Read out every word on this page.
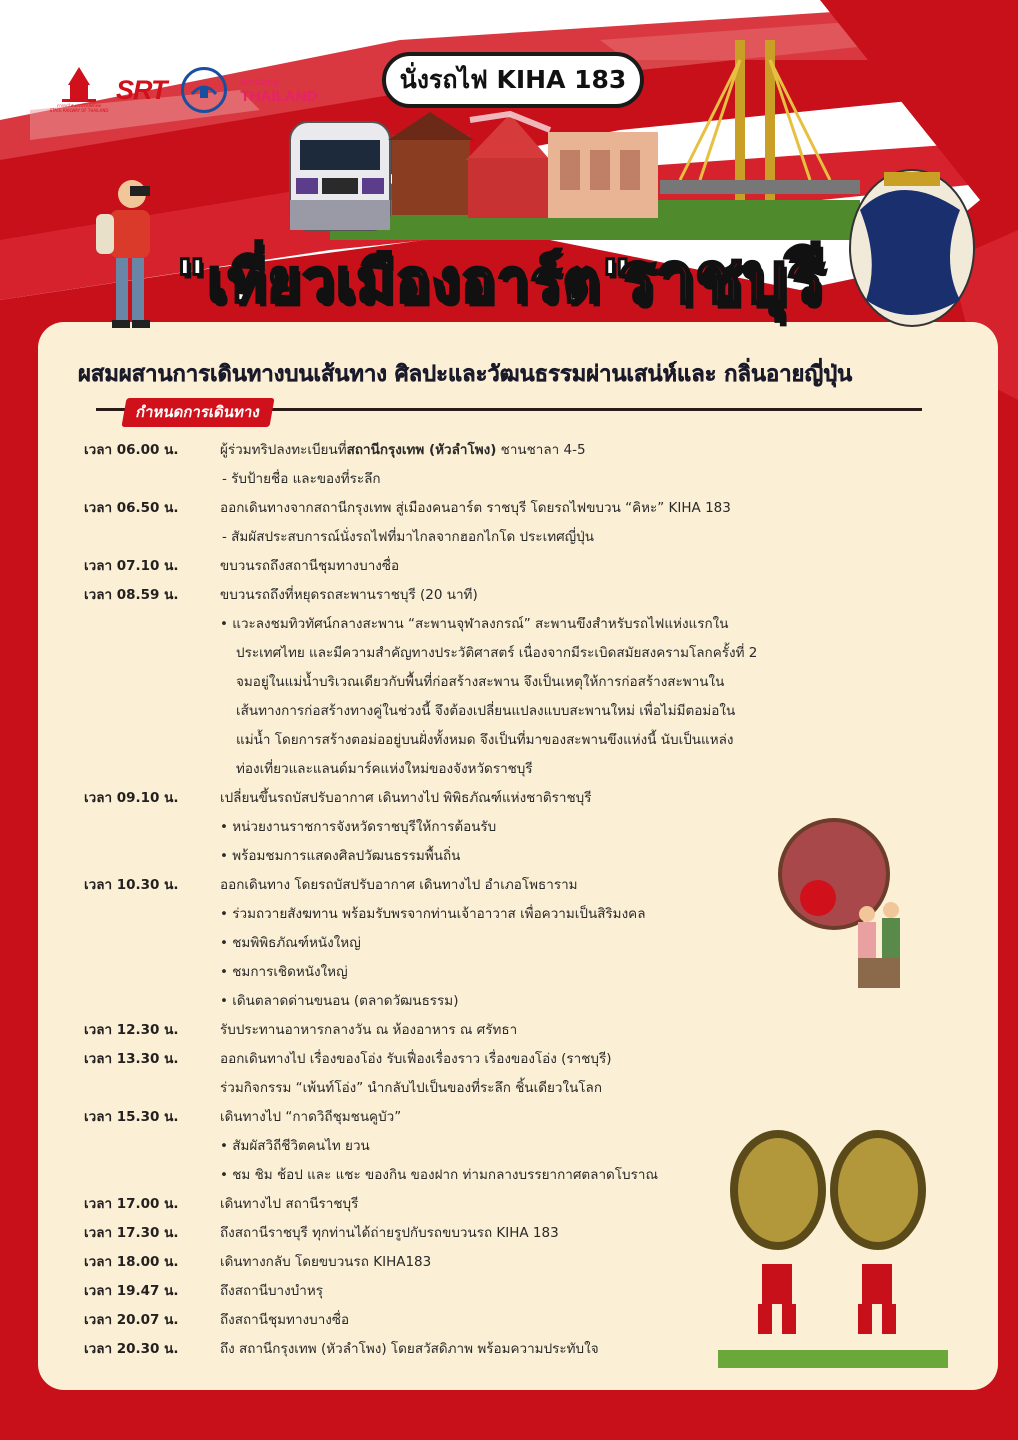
การรถไฟแห่งประเทศไทย
STATE RAILWAY OF THAILAND
SRT	amazing
THAILAND
นั่งรถไฟ KIHA 183
"เที่ยวเมืองอาร์ต"
ราชบุรี
ผสมผสานการเดินทางบนเส้นทาง ศิลปะและวัฒนธรรมผ่านเสน่ห์และ กลิ่นอายญี่ปุ่น
กำหนดการเดินทาง
เวลา 06.00 น.	ผู้ร่วมทริปลงทะเบียนที่สถานีกรุงเทพ (หัวลำโพง) ชานชาลา 4-5
- รับป้ายชื่อ และของที่ระลึก
เวลา 06.50 น.	ออกเดินทางจากสถานีกรุงเทพ สู่เมืองคนอาร์ต ราชบุรี โดยรถไฟขบวน “คิหะ” KIHA 183
- สัมผัสประสบการณ์นั่งรถไฟที่มาไกลจากฮอกไกโด ประเทศญี่ปุ่น
เวลา 07.10 น.	ขบวนรถถึงสถานีชุมทางบางซื่อ
เวลา 08.59 น.	ขบวนรถถึงที่หยุดรถสะพานราชบุรี (20 นาที)
• แวะลงชมทิวทัศน์กลางสะพาน “สะพานจุฬาลงกรณ์” สะพานขึงสำหรับรถไฟแห่งแรกใน
ประเทศไทย และมีความสำคัญทางประวัติศาสตร์ เนื่องจากมีระเบิดสมัยสงครามโลกครั้งที่ 2
จมอยู่ในแม่น้ำบริเวณเดียวกับพื้นที่ก่อสร้างสะพาน จึงเป็นเหตุให้การก่อสร้างสะพานใน
เส้นทางการก่อสร้างทางคู่ในช่วงนี้ จึงต้องเปลี่ยนแปลงแบบสะพานใหม่ เพื่อไม่มีตอม่อใน
แม่น้ำ โดยการสร้างตอม่ออยู่บนฝั่งทั้งหมด จึงเป็นที่มาของสะพานขึงแห่งนี้ นับเป็นแหล่ง
ท่องเที่ยวและแลนด์มาร์คแห่งใหม่ของจังหวัดราชบุรี
เวลา 09.10 น.	เปลี่ยนขึ้นรถบัสปรับอากาศ เดินทางไป พิพิธภัณฑ์แห่งชาติราชบุรี
• หน่วยงานราชการจังหวัดราชบุรีให้การต้อนรับ
• พร้อมชมการแสดงศิลปวัฒนธรรมพื้นถิ่น
เวลา 10.30 น.	ออกเดินทาง โดยรถบัสปรับอากาศ เดินทางไป อำเภอโพธาราม
• ร่วมถวายสังฆทาน พร้อมรับพรจากท่านเจ้าอาวาส เพื่อความเป็นสิริมงคล
• ชมพิพิธภัณฑ์หนังใหญ่
• ชมการเชิดหนังใหญ่
• เดินตลาดด่านขนอน (ตลาดวัฒนธรรม)
เวลา 12.30 น.	รับประทานอาหารกลางวัน ณ ห้องอาหาร ณ ศรัทธา
เวลา 13.30 น.	ออกเดินทางไป เรื่องของโอ่ง รับเฟื่องเรื่องราว เรื่องของโอ่ง (ราชบุรี)
ร่วมกิจกรรม “เพ้นท์โอ่ง” นำกลับไปเป็นของที่ระลึก ชิ้นเดียวในโลก
เวลา 15.30 น.	เดินทางไป “กาดวิถีชุมชนคูบัว”
• สัมผัสวิถีชีวิตคนไท ยวน
• ชม ชิม ช้อป และ แชะ ของกิน ของฝาก ท่ามกลางบรรยากาศตลาดโบราณ
เวลา 17.00 น.	เดินทางไป สถานีราชบุรี
เวลา 17.30 น.	ถึงสถานีราชบุรี ทุกท่านได้ถ่ายรูปกับรถขบวนรถ KIHA 183
เวลา 18.00 น.	เดินทางกลับ โดยขบวนรถ KIHA183
เวลา 19.47 น.	ถึงสถานีบางบำหรุ
เวลา 20.07 น.	ถึงสถานีชุมทางบางซื่อ
เวลา 20.30 น.	ถึง สถานีกรุงเทพ (หัวลำโพง) โดยสวัสดิภาพ พร้อมความประทับใจ
